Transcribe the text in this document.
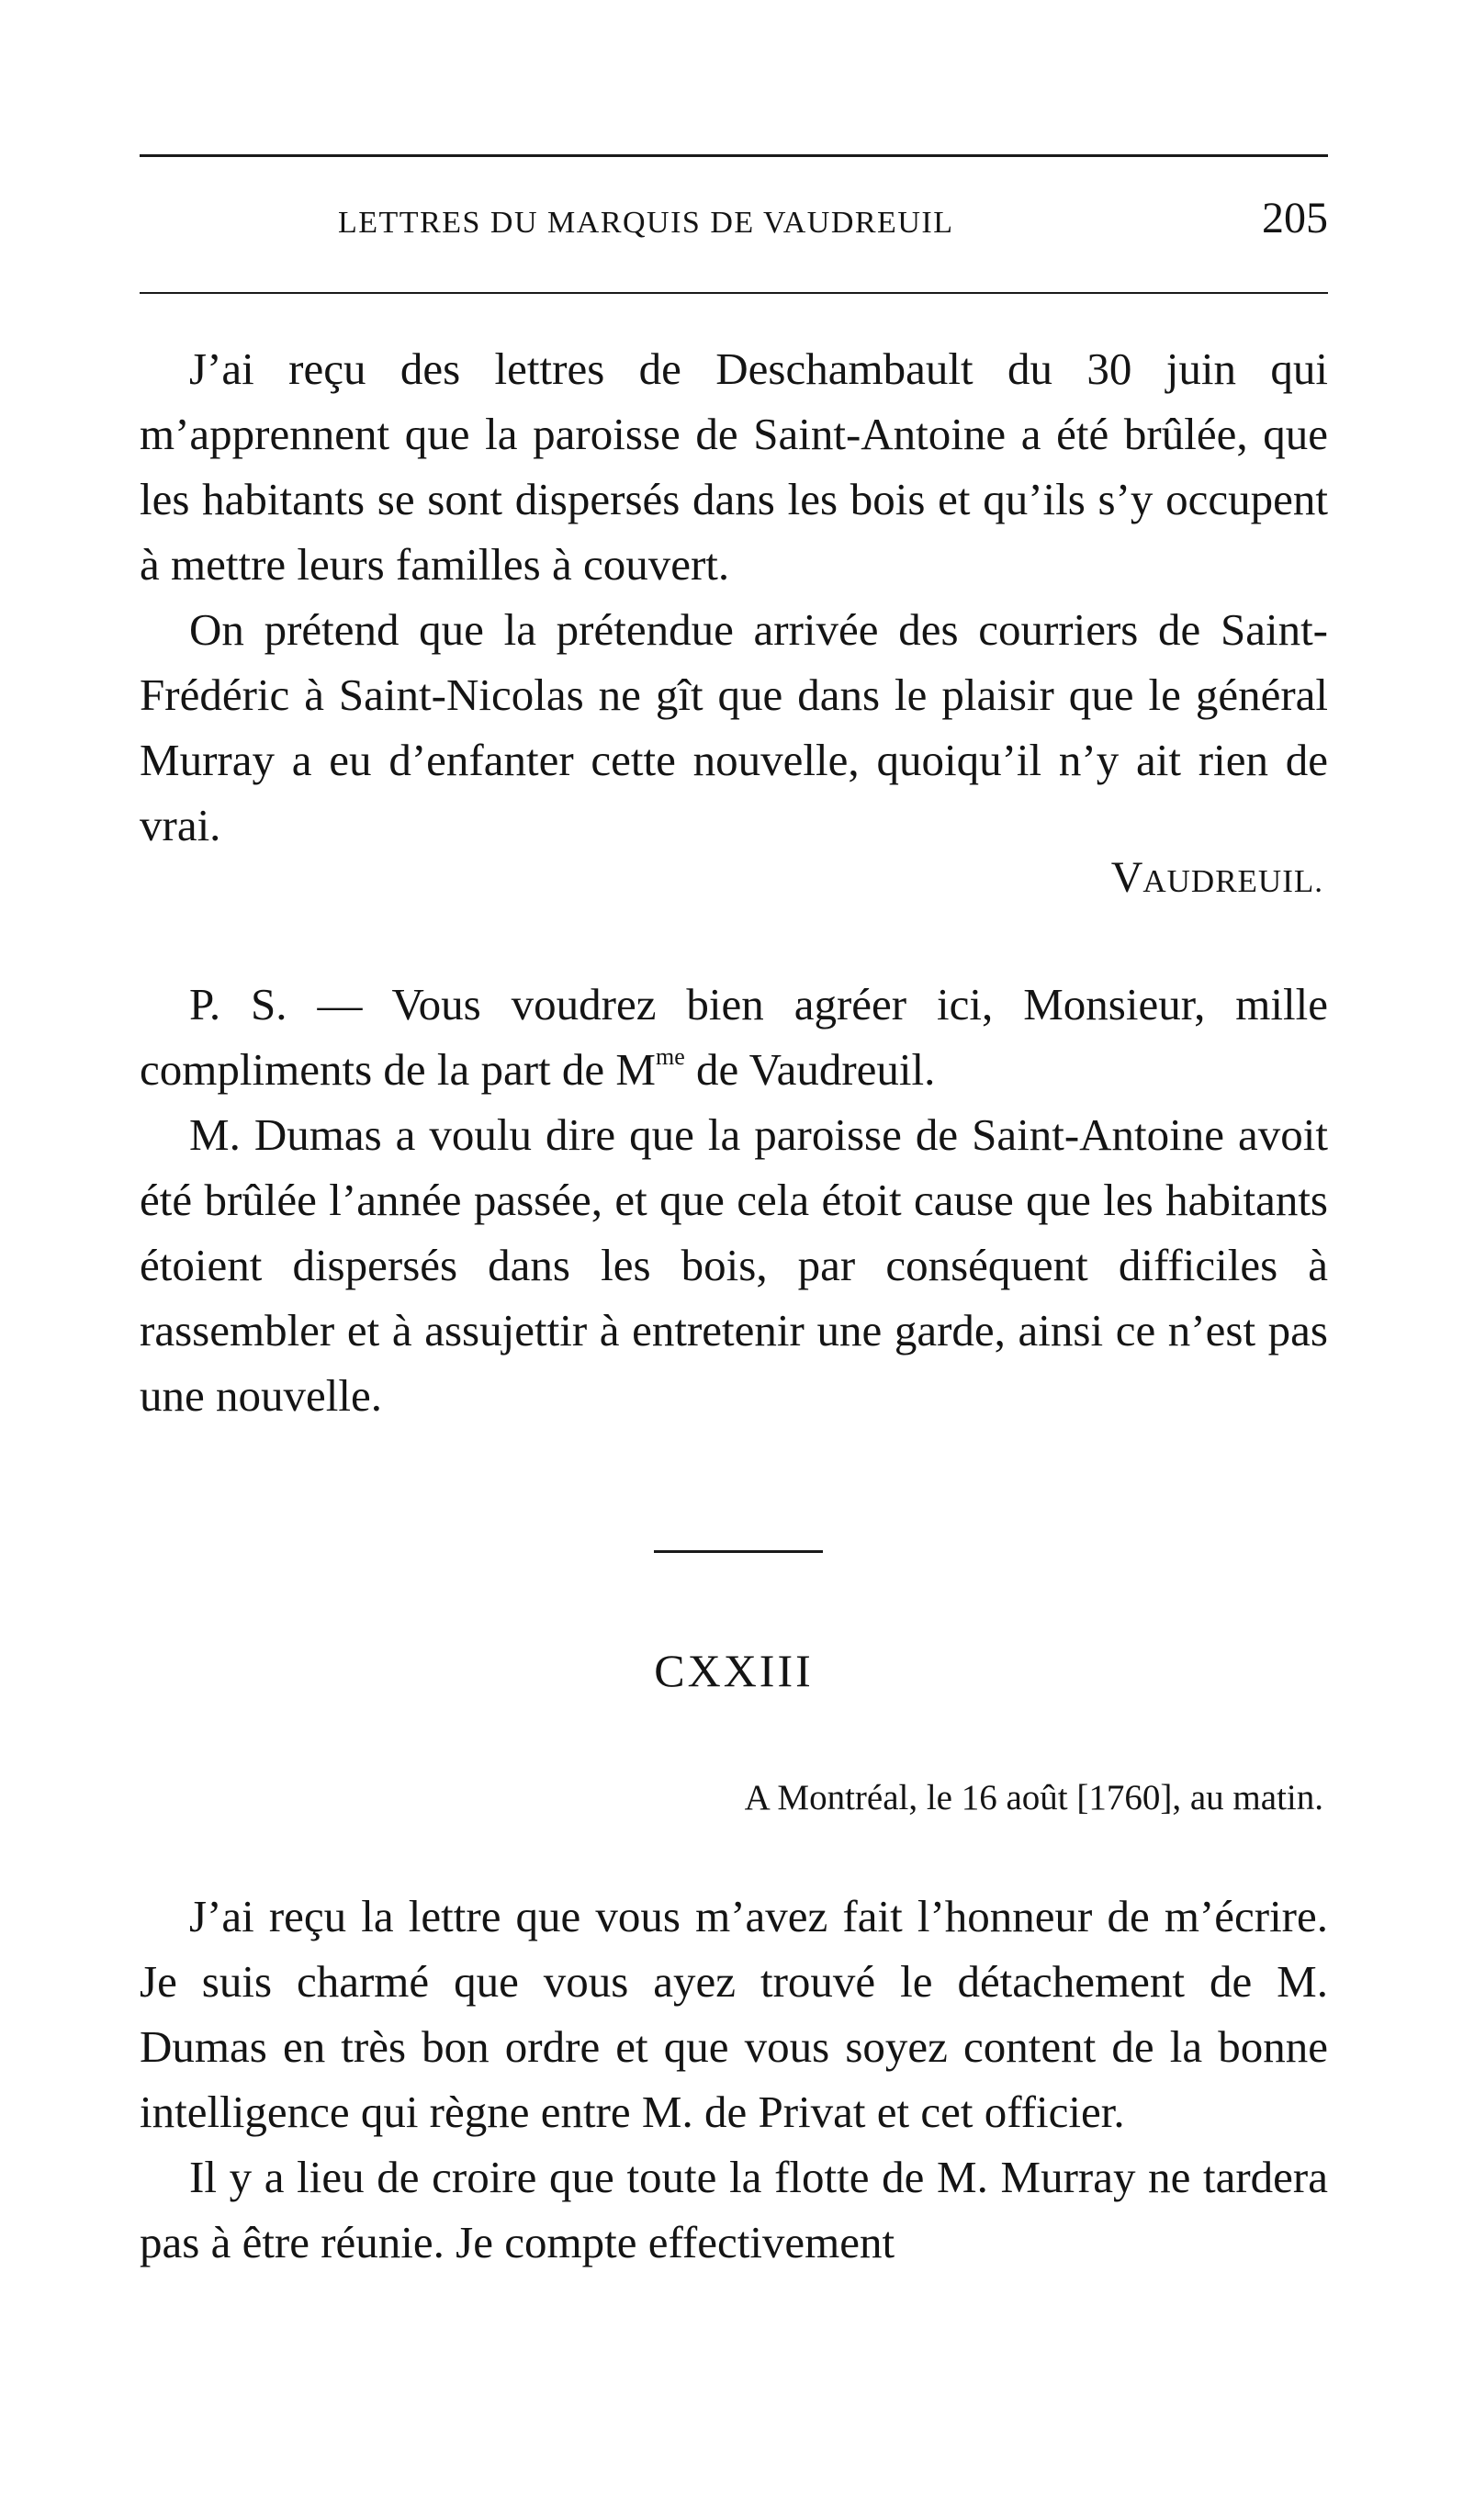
LETTRES DU MARQUIS DE VAUDREUIL	205

J’ai reçu des lettres de Deschambault du 30 juin qui m’apprennent que la paroisse de Saint-Antoine a été brûlée, que les habitants se sont dispersés dans les bois et qu’ils s’y occupent à mettre leurs familles à couvert.

On prétend que la prétendue arrivée des courriers de Saint-Frédéric à Saint-Nicolas ne gît que dans le plaisir que le général Murray a eu d’enfanter cette nouvelle, quoiqu’il n’y ait rien de vrai.

VAUDREUIL.

P. S. — Vous voudrez bien agréer ici, Monsieur, mille compliments de la part de $M^{me}$ de Vaudreuil.

M. Dumas a voulu dire que la paroisse de Saint-Antoine avoit été brûlée l’année passée, et que cela étoit cause que les habitants étoient dispersés dans les bois, par conséquent difficiles à rassembler et à assujettir à entretenir une garde, ainsi ce n’est pas une nouvelle.

CXXIII
A Montréal, le 16 août [1760], au matin.

J’ai reçu la lettre que vous m’avez fait l’honneur de m’écrire. Je suis charmé que vous ayez trouvé le détachement de M. Dumas en très bon ordre et que vous soyez content de la bonne intelligence qui règne entre M. de Privat et cet officier.

Il y a lieu de croire que toute la flotte de M. Murray ne tardera pas à être réunie. Je compte effectivement
